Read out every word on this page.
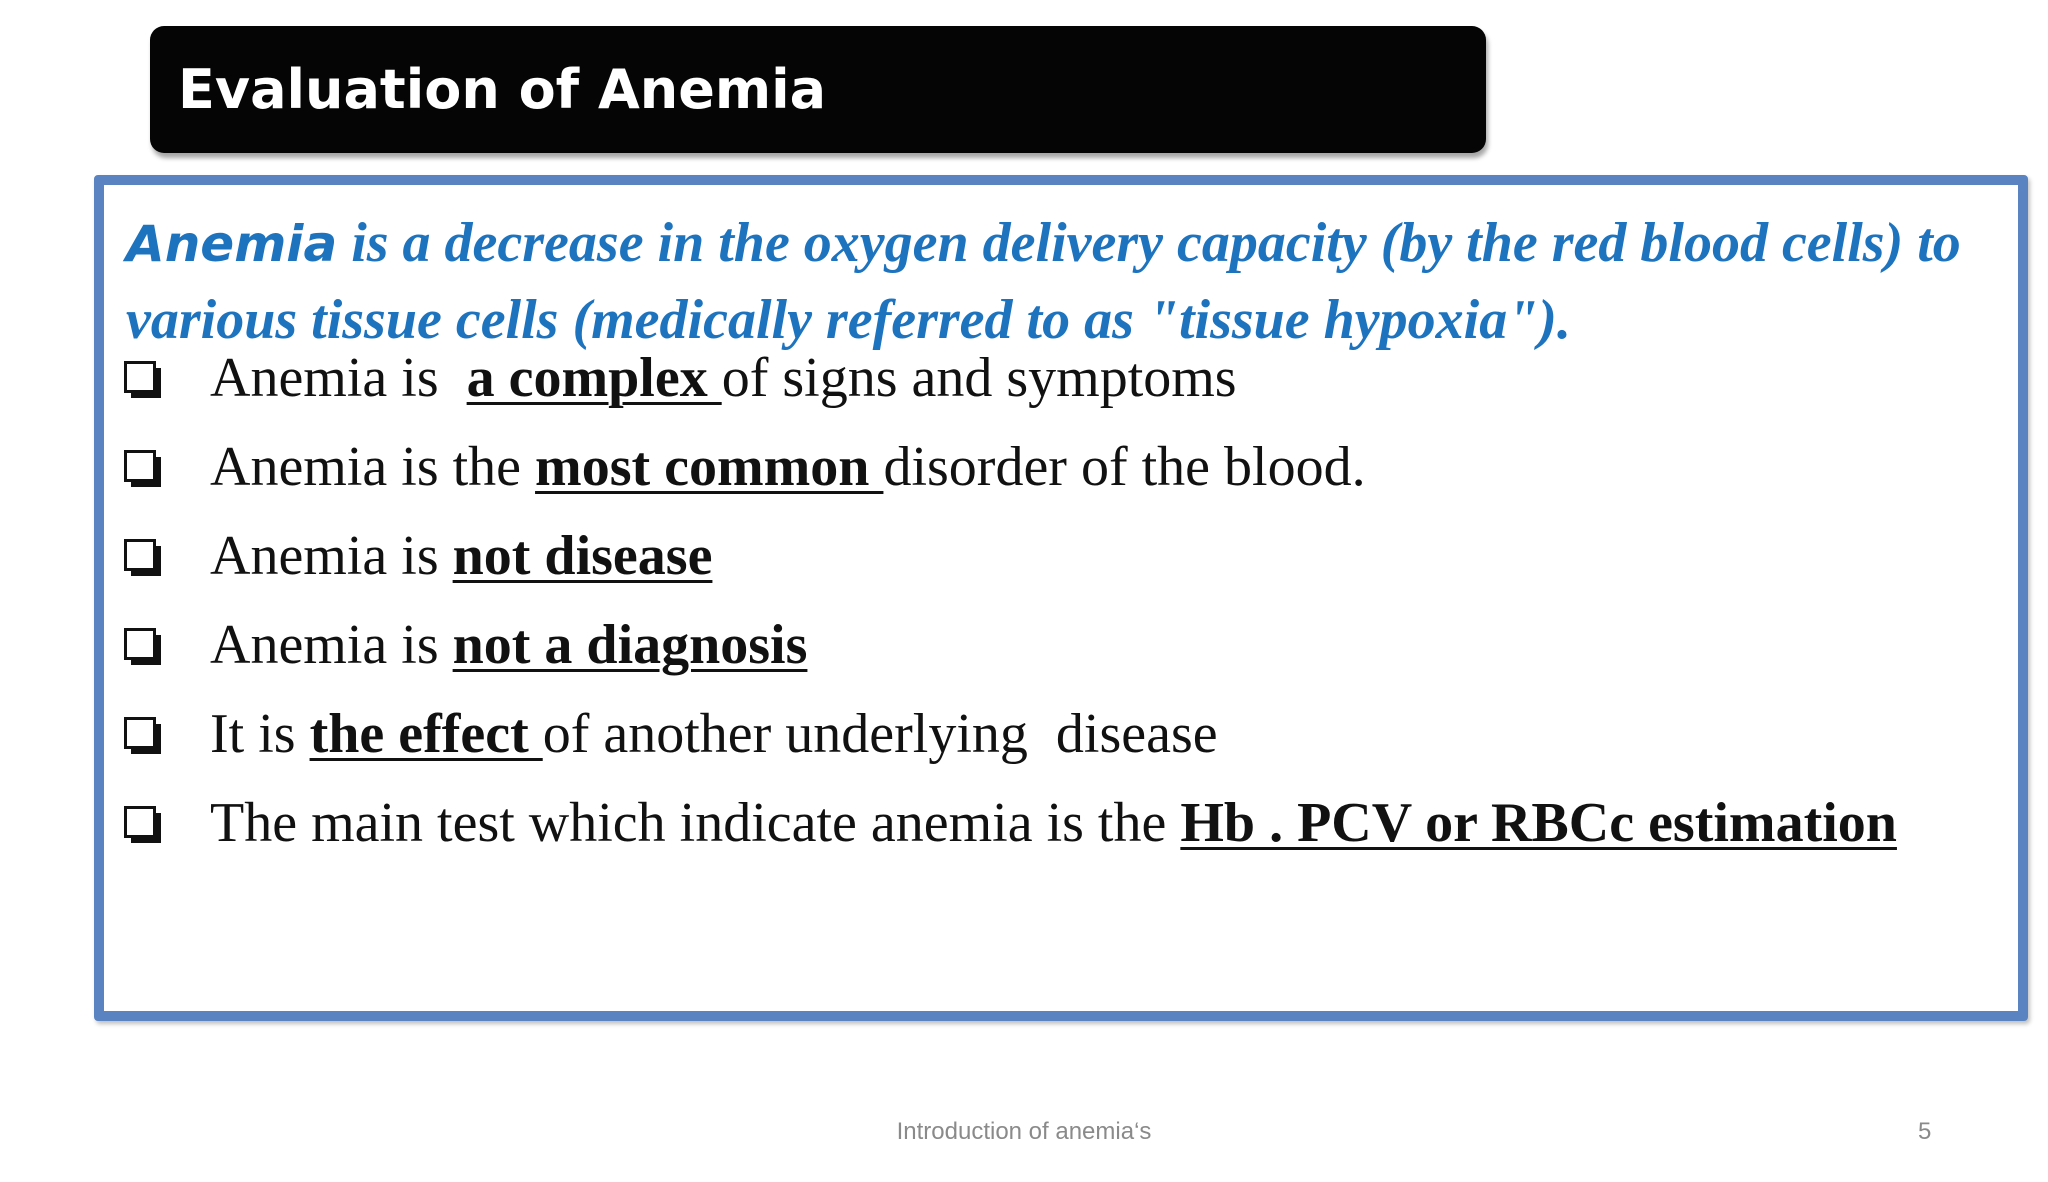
Evaluation of Anemia
Anemia is a decrease in the oxygen delivery capacity (by the red blood cells) to various tissue cells (medically referred to as "tissue hypoxia").
Anemia is a complex of signs and symptoms
Anemia is the most common disorder of the blood.
Anemia is not disease
Anemia is not a diagnosis
It is the effect of another underlying  disease
The main test which indicate anemia is the Hb . PCV or RBCc estimation
Introduction of anemia‘s	5
